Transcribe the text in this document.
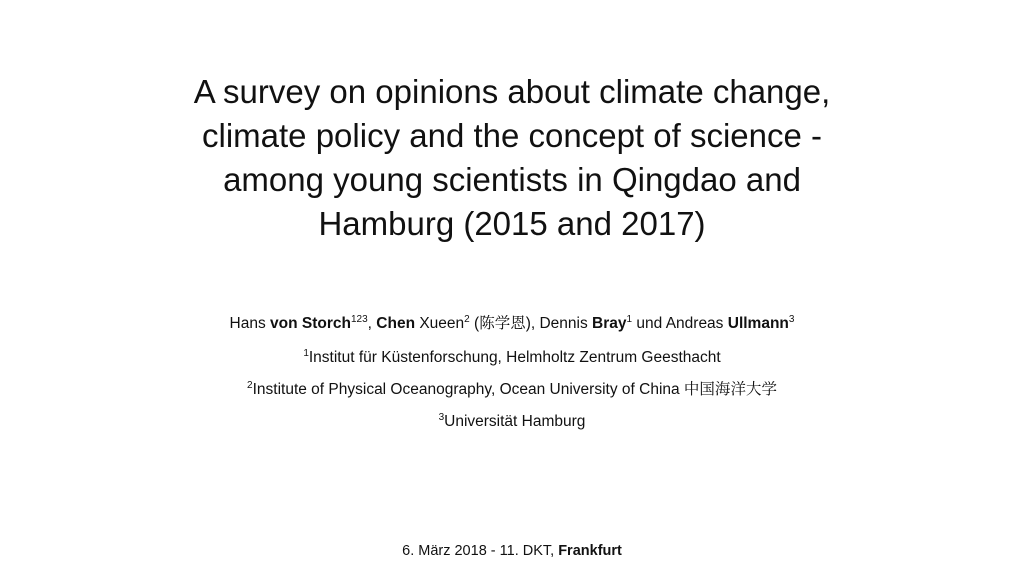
A survey on opinions about climate change,
climate policy and the concept of science -
among young scientists in Qingdao and
Hamburg (2015 and 2017)
Hans von Storch$^{123}$, Chen Xueen$^2$ (陈学恩), Dennis Bray$^1$ und Andreas Ullmann$^3$
$^1$Institut für Küstenforschung, Helmholtz Zentrum Geesthacht
$^2$Institute of Physical Oceanography, Ocean University of China 中国海洋大学
$^3$Universität Hamburg
6. März 2018 - 11. DKT, Frankfurt
